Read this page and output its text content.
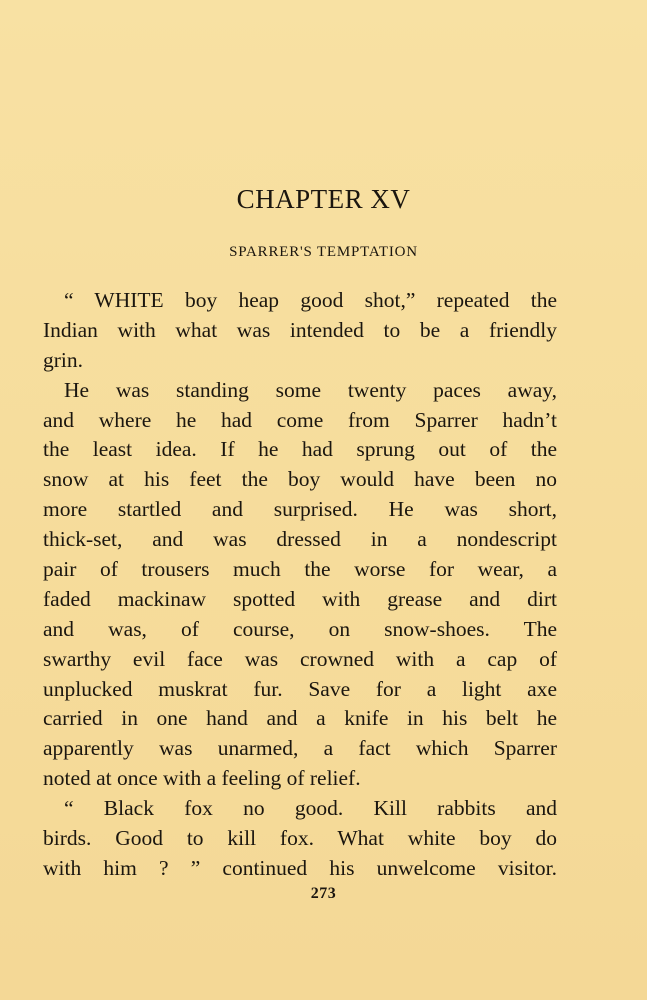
CHAPTER XV
SPARRER'S TEMPTATION
“ WHITE boy heap good shot,” repeated the
Indian with what was intended to be a friendly
grin.
He was standing some twenty paces away,
and where he had come from Sparrer hadn’t
the least idea. If he had sprung out of the
snow at his feet the boy would have been no
more startled and surprised. He was short,
thick-set, and was dressed in a nondescript
pair of trousers much the worse for wear, a
faded mackinaw spotted with grease and dirt
and was, of course, on snow-shoes. The
swarthy evil face was crowned with a cap of
unplucked muskrat fur. Save for a light axe
carried in one hand and a knife in his belt he
apparently was unarmed, a fact which Sparrer
noted at once with a feeling of relief.
“ Black fox no good. Kill rabbits and
birds. Good to kill fox. What white boy do
with him ? ” continued his unwelcome visitor.
273
